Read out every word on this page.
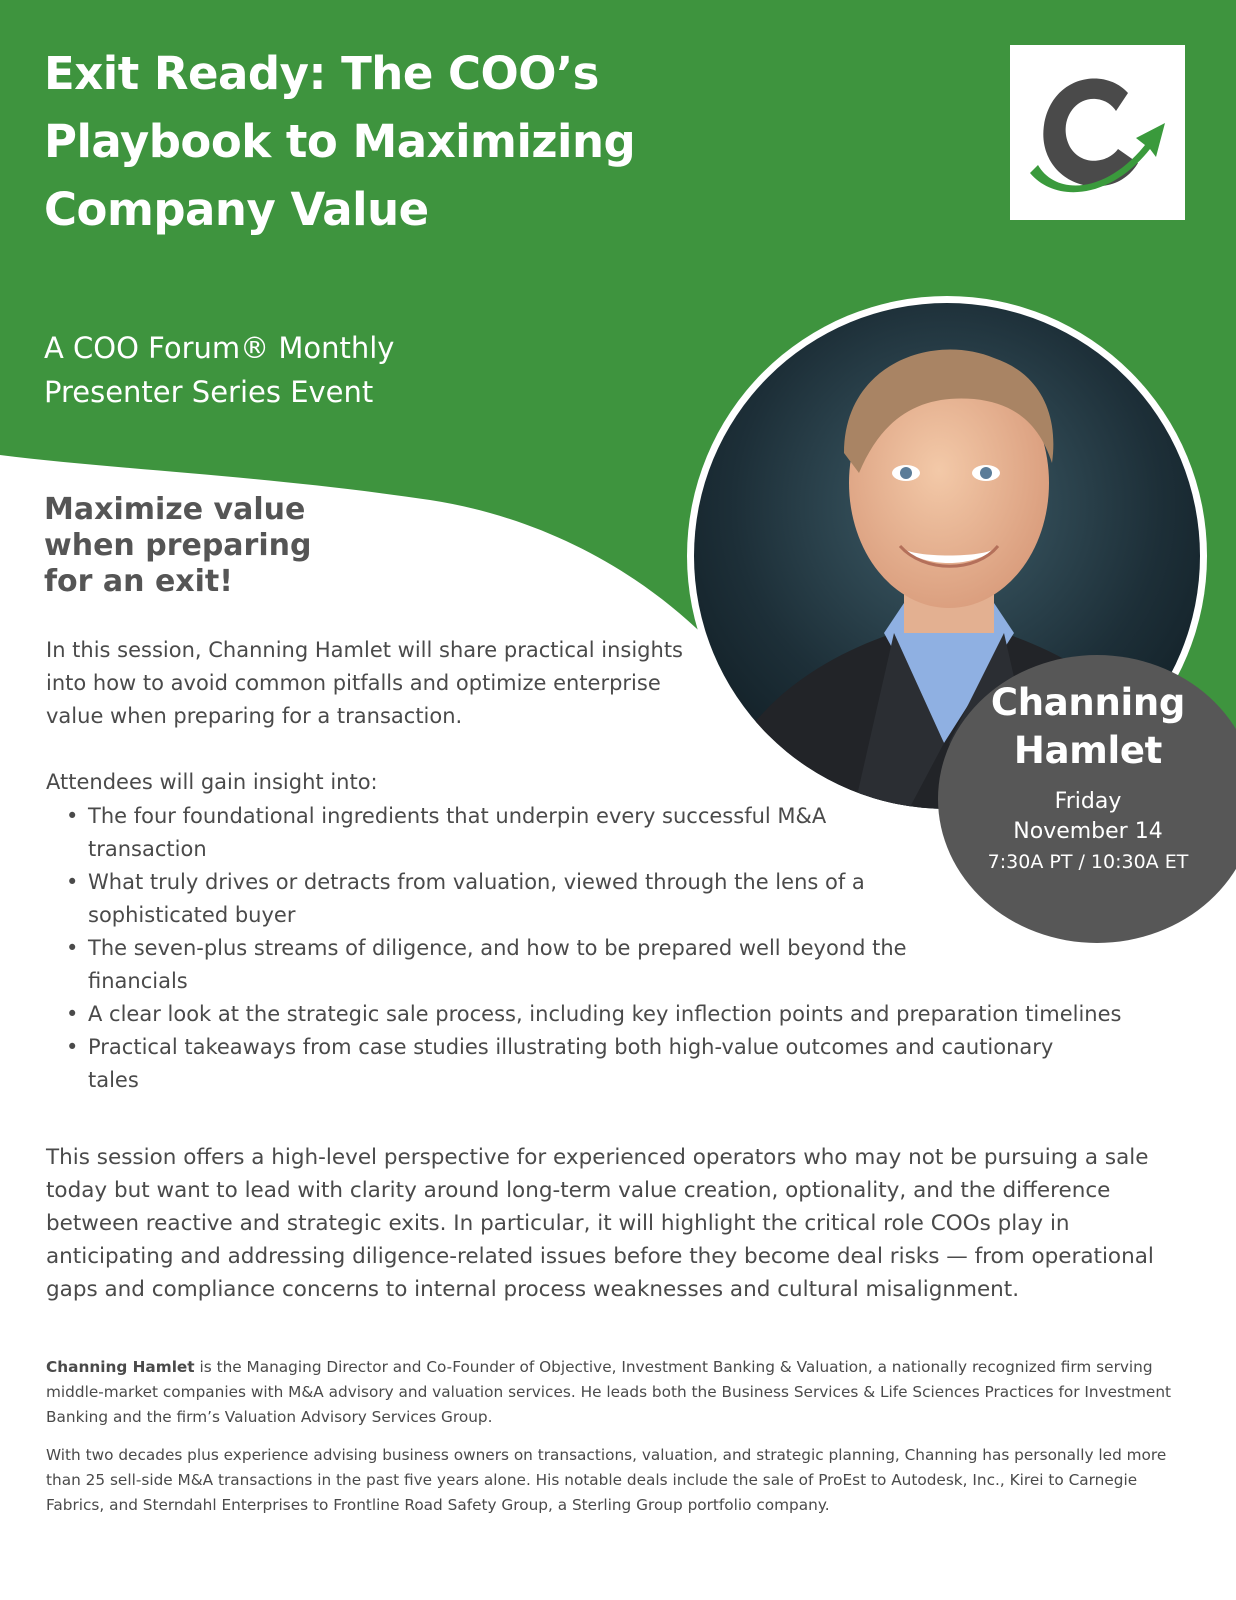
Exit Ready: The COO’s
Playbook to Maximizing
Company Value
A COO Forum® Monthly
Presenter Series Event
Channing
Hamlet
Friday
November 14
7:30A PT / 10:30A ET
Maximize value
when preparing
for an exit!

In this session, Channing Hamlet will share practical insights into how to avoid common pitfalls and optimize enterprise value when preparing for a transaction.

Attendees will gain insight into:

• The four foundational ingredients that underpin every successful M&A transaction
• What truly drives or detracts from valuation, viewed through the lens of a sophisticated buyer
• The seven-plus streams of diligence, and how to be prepared well beyond the financials
• A clear look at the strategic sale process, including key inflection points and preparation timelines
• Practical takeaways from case studies illustrating both high-value outcomes and cautionary tales

This session offers a high-level perspective for experienced operators who may not be pursuing a sale today but want to lead with clarity around long-term value creation, optionality, and the difference between reactive and strategic exits. In particular, it will highlight the critical role COOs play in anticipating and addressing diligence-related issues before they become deal risks — from operational gaps and compliance concerns to internal process weaknesses and cultural misalignment.

Channing Hamlet is the Managing Director and Co-Founder of Objective, Investment Banking & Valuation, a nationally recognized firm serving middle-market companies with M&A advisory and valuation services. He leads both the Business Services & Life Sciences Practices for Investment Banking and the firm’s Valuation Advisory Services Group.

With two decades plus experience advising business owners on transactions, valuation, and strategic planning, Channing has personally led more than 25 sell-side M&A transactions in the past five years alone. His notable deals include the sale of ProEst to Autodesk, Inc., Kirei to Carnegie Fabrics, and Sterndahl Enterprises to Frontline Road Safety Group, a Sterling Group portfolio company.
